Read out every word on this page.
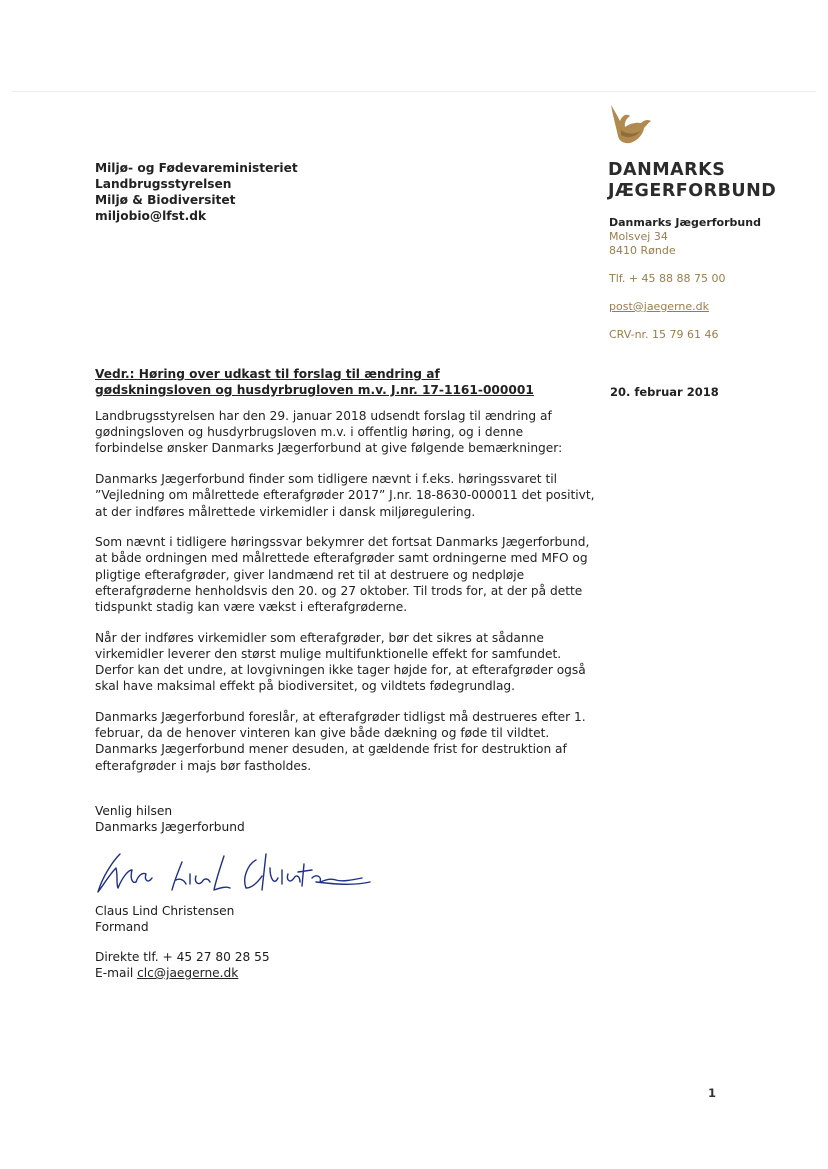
Miljø- og Fødevareministeriet
Landbrugsstyrelsen
Miljø & Biodiversitet
miljobio@lfst.dk
DANMARKS
JÆGERFORBUND
Danmarks Jægerforbund
Molsvej 34
8410 Rønde
Tlf. + 45 88 88 75 00
post@jaegerne.dk
CRV-nr. 15 79 61 46
20. februar 2018
Vedr.: Høring over udkast til forslag til ændring af gødskningsloven og husdyrbrugloven m.v. J.nr. 17-1161-000001

Landbrugsstyrelsen har den 29. januar 2018 udsendt forslag til ændring af gødningsloven og husdyrbrugsloven m.v. i offentlig høring, og i denne forbindelse ønsker Danmarks Jægerforbund at give følgende bemærkninger:

Danmarks Jægerforbund finder som tidligere nævnt i f.eks. høringssvaret til ”Vejledning om målrettede efterafgrøder 2017” J.nr. 18-8630-000011 det positivt, at der indføres målrettede virkemidler i dansk miljøregulering.

Som nævnt i tidligere høringssvar bekymrer det fortsat Danmarks Jægerforbund, at både ordningen med målrettede efterafgrøder samt ordningerne med MFO og pligtige efterafgrøder, giver landmænd ret til at destruere og nedpløje efterafgrøderne henholdsvis den 20. og 27 oktober. Til trods for, at der på dette tidspunkt stadig kan være vækst i efterafgrøderne.

Når der indføres virkemidler som efterafgrøder, bør det sikres at sådanne virkemidler leverer den størst mulige multifunktionelle effekt for samfundet. Derfor kan det undre, at lovgivningen ikke tager højde for, at efterafgrøder også skal have maksimal effekt på biodiversitet, og vildtets fødegrundlag.

Danmarks Jægerforbund foreslår, at efterafgrøder tidligst må destrueres efter 1. februar, da de henover vinteren kan give både dækning og føde til vildtet. Danmarks Jægerforbund mener desuden, at gældende frist for destruktion af efterafgrøder i majs bør fastholdes.

Venlig hilsen
Danmarks Jægerforbund
Claus Lind Christensen
Formand
Direkte tlf. + 45 27 80 28 55
E-mail clc@jaegerne.dk
1
